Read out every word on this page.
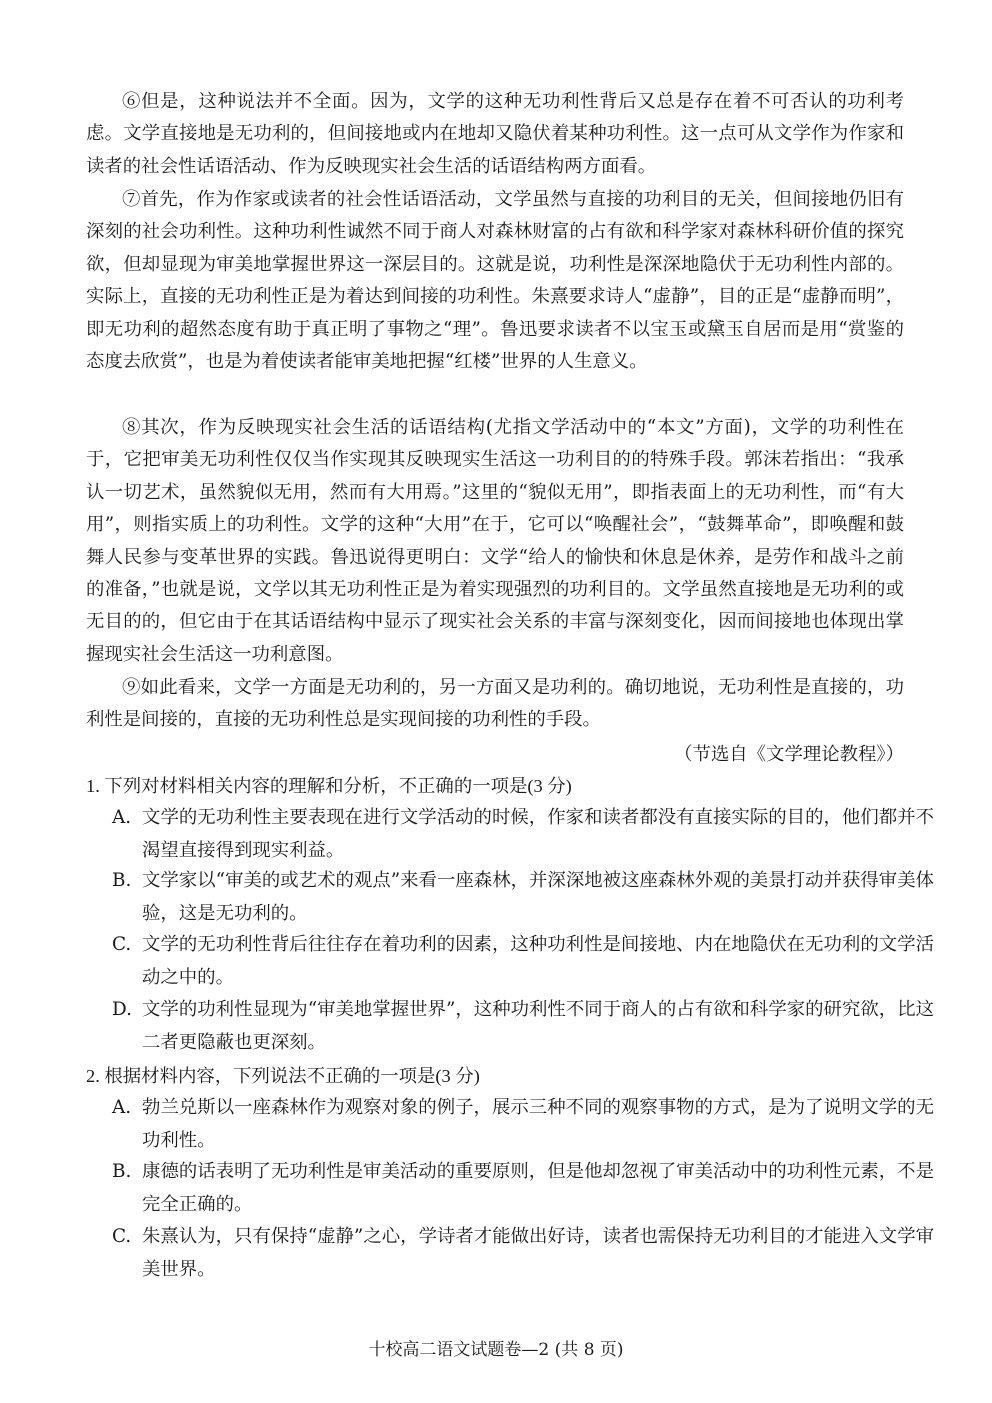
⑥但是，这种说法并不全面。因为，文学的这种无功利性背后又总是存在着不可否认的功利考虑。文学直接地是无功利的，但间接地或内在地却又隐伏着某种功利性。这一点可从文学作为作家和读者的社会性话语活动、作为反映现实社会生活的话语结构两方面看。

⑦首先，作为作家或读者的社会性话语活动，文学虽然与直接的功利目的无关，但间接地仍旧有深刻的社会功利性。这种功利性诚然不同于商人对森林财富的占有欲和科学家对森林科研价值的探究欲，但却显现为审美地掌握世界这一深层目的。这就是说，功利性是深深地隐伏于无功利性内部的。实际上，直接的无功利性正是为着达到间接的功利性。朱熹要求诗人“虚静”，目的正是“虚静而明”，即无功利的超然态度有助于真正明了事物之“理”。鲁迅要求读者不以宝玉或黛玉自居而是用“赏鉴的态度去欣赏”，也是为着使读者能审美地把握“红楼”世界的人生意义。

⑧其次，作为反映现实社会生活的话语结构(尤指文学活动中的“本文”方面)，文学的功利性在于，它把审美无功利性仅仅当作实现其反映现实生活这一功利目的的特殊手段。郭沫若指出：“我承认一切艺术，虽然貌似无用，然而有大用焉。”这里的“貌似无用”，即指表面上的无功利性，而“有大用”，则指实质上的功利性。文学的这种“大用”在于，它可以“唤醒社会”，“鼓舞革命”，即唤醒和鼓舞人民参与变革世界的实践。鲁迅说得更明白：文学“给人的愉快和休息是休养，是劳作和战斗之前的准备，”也就是说，文学以其无功利性正是为着实现强烈的功利目的。文学虽然直接地是无功利的或无目的的，但它由于在其话语结构中显示了现实社会关系的丰富与深刻变化，因而间接地也体现出掌握现实社会生活这一功利意图。

⑨如此看来，文学一方面是无功利的，另一方面又是功利的。确切地说，无功利性是直接的，功利性是间接的，直接的无功利性总是实现间接的功利性的手段。

（节选自《文学理论教程》）

1. 下列对材料相关内容的理解和分析，不正确的一项是(3 分)

A. 文学的无功利性主要表现在进行文学活动的时候，作家和读者都没有直接实际的目的，他们都并不渴望直接得到现实利益。

B. 文学家以“审美的或艺术的观点”来看一座森林，并深深地被这座森林外观的美景打动并获得审美体验，这是无功利的。

C. 文学的无功利性背后往往存在着功利的因素，这种功利性是间接地、内在地隐伏在无功利的文学活动之中的。

D. 文学的功利性显现为“审美地掌握世界”，这种功利性不同于商人的占有欲和科学家的研究欲，比这二者更隐蔽也更深刻。

2. 根据材料内容，下列说法不正确的一项是(3 分)

A. 勃兰兑斯以一座森林作为观察对象的例子，展示三种不同的观察事物的方式，是为了说明文学的无功利性。

B. 康德的话表明了无功利性是审美活动的重要原则，但是他却忽视了审美活动中的功利性元素，不是完全正确的。

C. 朱熹认为，只有保持“虚静”之心，学诗者才能做出好诗，读者也需保持无功利目的才能进入文学审美世界。

十校高二语文试题卷—2 (共 8 页)
